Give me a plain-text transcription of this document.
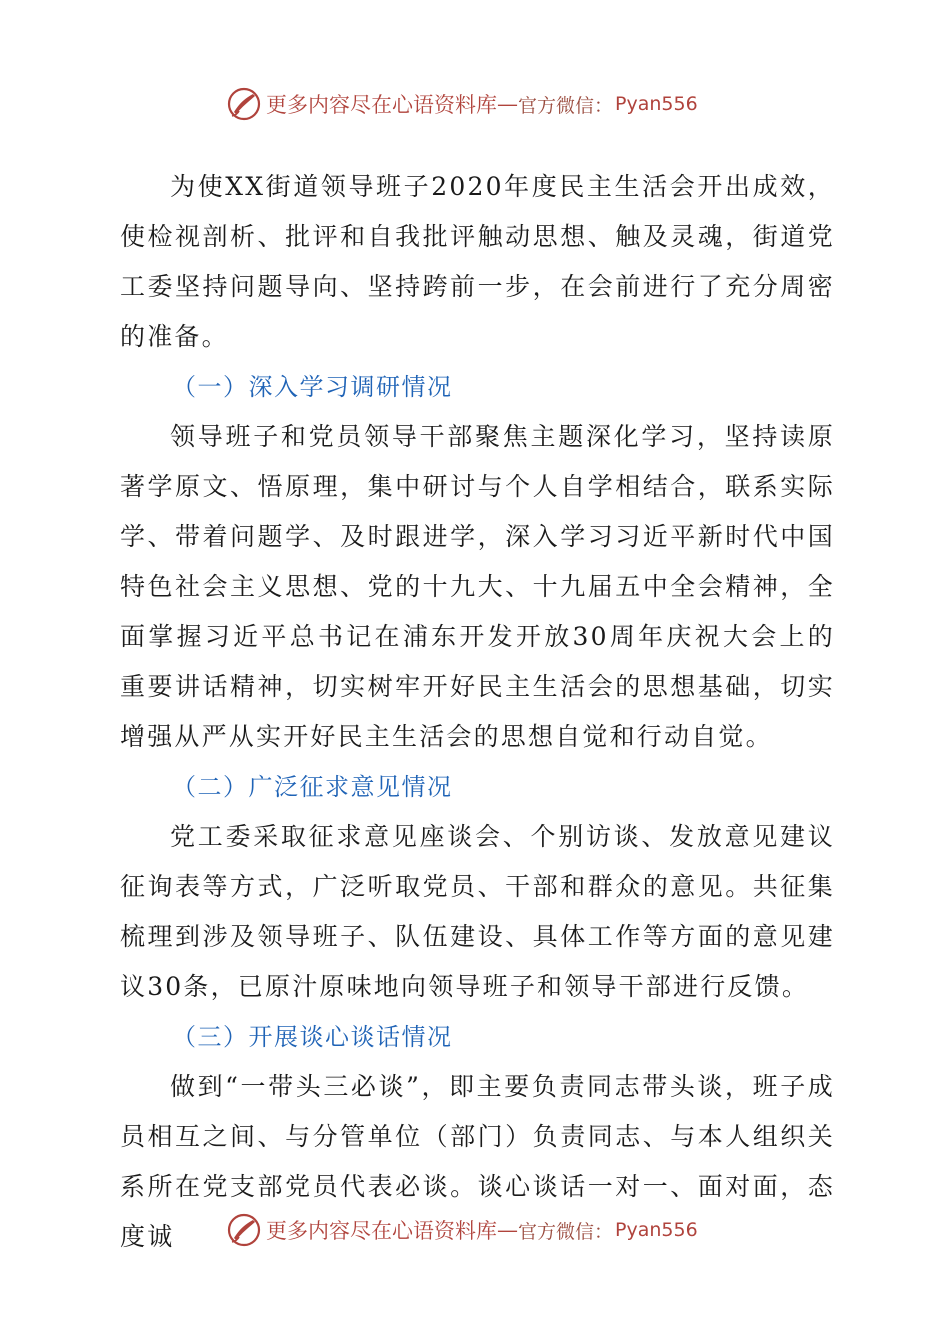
更多内容尽在心语资料库 — 官方微信： Pyan556

为使XX街道领导班子2020年度民主生活会开出成效，使检视剖析、批评和自我批评触动思想、触及灵魂，街道党工委坚持问题导向、坚持跨前一步，在会前进行了充分周密的准备。

（一）深入学习调研情况

领导班子和党员领导干部聚焦主题深化学习，坚持读原著学原文、悟原理，集中研讨与个人自学相结合，联系实际学、带着问题学、及时跟进学，深入学习习近平新时代中国特色社会主义思想、党的十九大、十九届五中全会精神，全面掌握习近平总书记在浦东开发开放30周年庆祝大会上的重要讲话精神，切实树牢开好民主生活会的思想基础，切实增强从严从实开好民主生活会的思想自觉和行动自觉。

（二）广泛征求意见情况

党工委采取征求意见座谈会、个别访谈、发放意见建议征询表等方式，广泛听取党员、干部和群众的意见。共征集梳理到涉及领导班子、队伍建设、具体工作等方面的意见建议30条，已原汁原味地向领导班子和领导干部进行反馈。

（三）开展谈心谈话情况

做到“一带头三必谈”，即主要负责同志带头谈，班子成员相互之间、与分管单位（部门）负责同志、与本人组织关系所在党支部党员代表必谈。谈心谈话一对一、面对面，态度诚	更多内容尽在心语资料库 — 官方微信： Pyan556
